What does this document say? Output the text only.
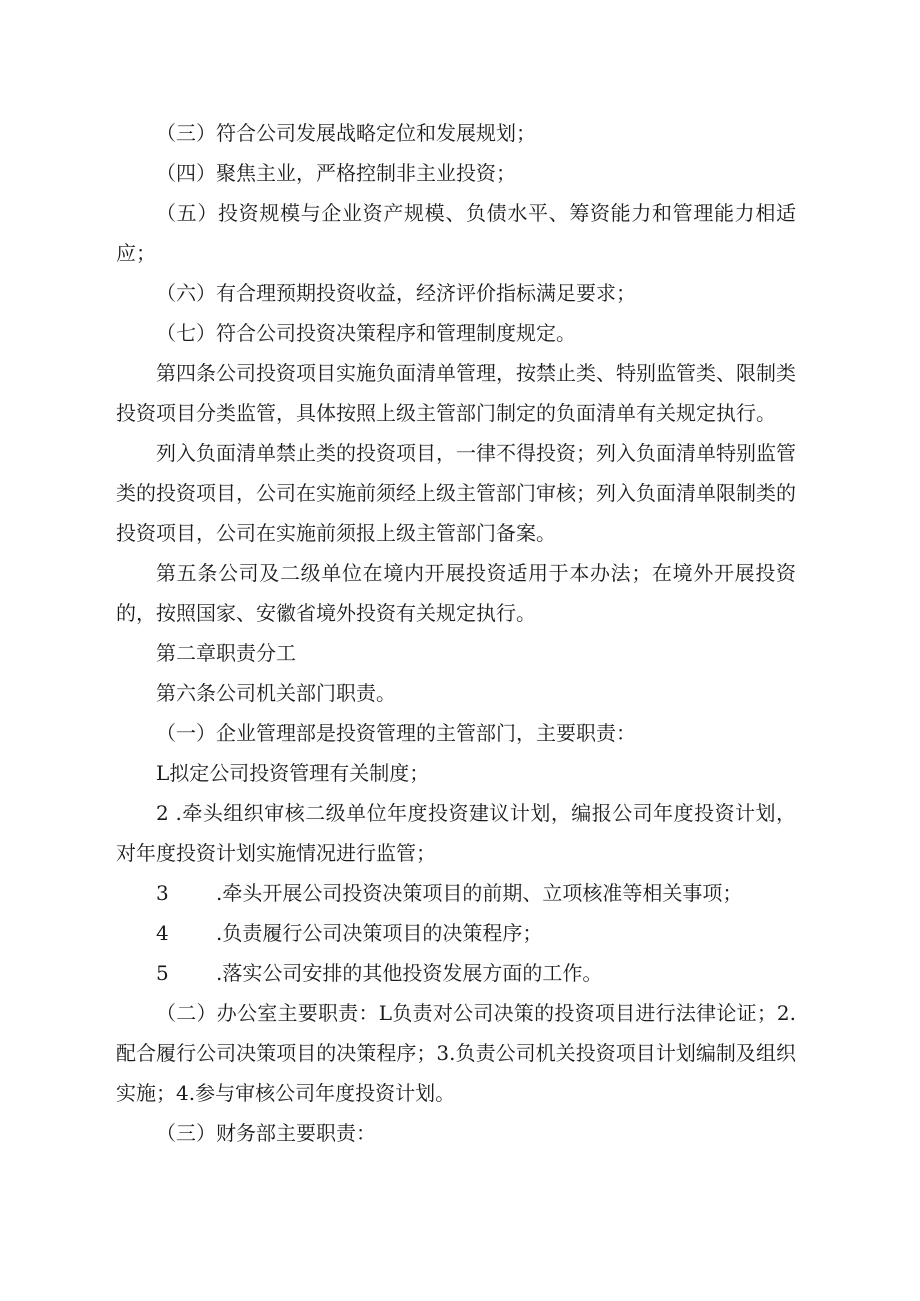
（三）符合公司发展战略定位和发展规划；

（四）聚焦主业，严格控制非主业投资；

（五）投资规模与企业资产规模、负债水平、筹资能力和管理能力相适应；

（六）有合理预期投资收益，经济评价指标满足要求；

（七）符合公司投资决策程序和管理制度规定。

第四条公司投资项目实施负面清单管理，按禁止类、特别监管类、限制类投资项目分类监管，具体按照上级主管部门制定的负面清单有关规定执行。

列入负面清单禁止类的投资项目，一律不得投资；列入负面清单特别监管类的投资项目，公司在实施前须经上级主管部门审核；列入负面清单限制类的投资项目，公司在实施前须报上级主管部门备案。

第五条公司及二级单位在境内开展投资适用于本办法；在境外开展投资的，按照国家、安徽省境外投资有关规定执行。

第二章职责分工

第六条公司机关部门职责。

（一）企业管理部是投资管理的主管部门，主要职责：

L拟定公司投资管理有关制度；

2 .牵头组织审核二级单位年度投资建议计划，编报公司年度投资计划，对年度投资计划实施情况进行监管；

3 .牵头开展公司投资决策项目的前期、立项核准等相关事项；
4 .负责履行公司决策项目的决策程序；
5 .落实公司安排的其他投资发展方面的工作。

（二）办公室主要职责：L负责对公司决策的投资项目进行法律论证；2.配合履行公司决策项目的决策程序；3.负责公司机关投资项目计划编制及组织实施；4.参与审核公司年度投资计划。

（三）财务部主要职责：
